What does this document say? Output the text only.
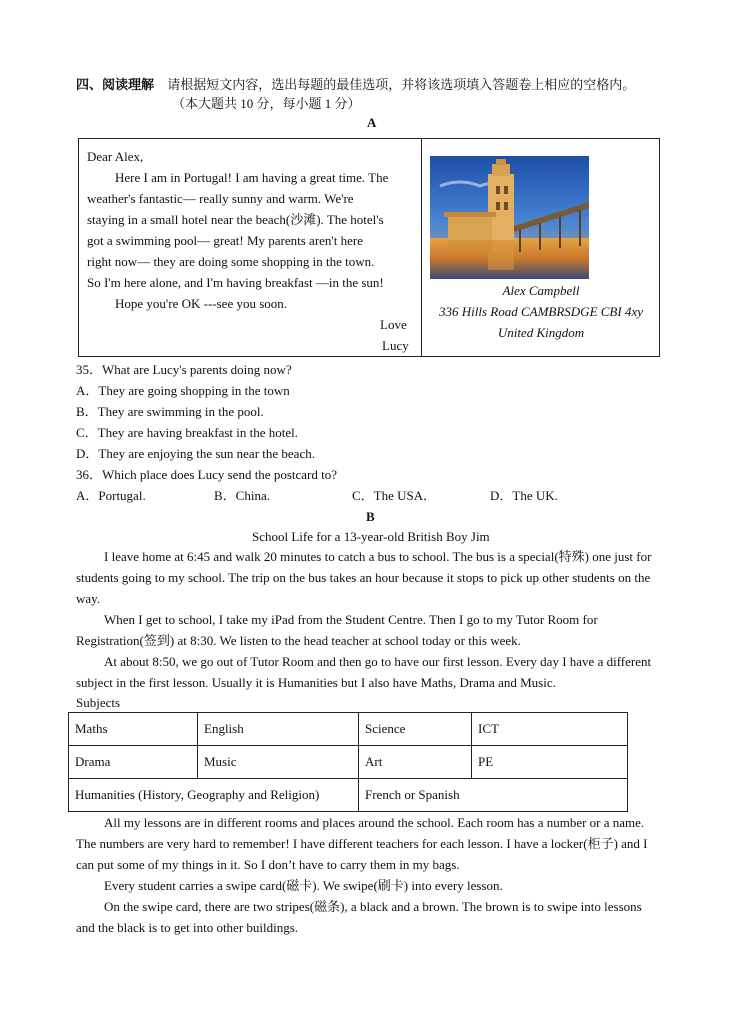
四、阅读理解 请根据短文内容，选出每题的最佳选项，并将该选项填入答题卷上相应的空格内。
（本大题共 10 分，每小题 1 分）
A
Dear Alex,
Here I am in Portugal! I am having a great time. The
weather's fantastic— really sunny and warm. We're
staying in a small hotel near the beach(沙滩). The hotel's
got a swimming pool— great! My parents aren't here
right now— they are doing some shopping in the town.
So I'm here alone, and I'm having breakfast —in the sun!
Hope you're OK ---see you soon.
Love
Lucy
Alex Campbell
336 Hills Road CAMBRSDGE CBI 4xy
United Kingdom
35．What are Lucy's parents doing now?
A．They are going shopping in the town
B．They are swimming in the pool.
C．They are having breakfast in the hotel.
D．They are enjoying the sun near the beach.
36．Which place does Lucy send the postcard to?
A．Portugal.	B．China.	C．The USA．	D．The UK.
B
School Life for a 13-year-old British Boy Jim
I leave home at 6:45 and walk 20 minutes to catch a bus to school. The bus is a special(特殊) one just for students going to my school. The trip on the bus takes an hour because it stops to pick up other students on the way.
When I get to school, I take my iPad from the Student Centre. Then I go to my Tutor Room for Registration(签到) at 8:30. We listen to the head teacher at school today or this week.
At about 8:50, we go out of Tutor Room and then go to have our first lesson. Every day I have a different subject in the first lesson. Usually it is Humanities but I also have Maths, Drama and Music.
Subjects
Maths	English	Science	ICT
Drama	Music	Art	PE
Humanities (History, Geography and Religion)		French or Spanish	
All my lessons are in different rooms and places around the school. Each room has a number or a name. The numbers are very hard to remember! I have different teachers for each lesson. I have a locker(柜子) and I can put some of my things in it. So I don’t have to carry them in my bags.
Every student carries a swipe card(磁卡). We swipe(刷卡) into every lesson.
On the swipe card, there are two stripes(磁条), a black and a brown. The brown is to swipe into lessons and the black is to get into other buildings.
